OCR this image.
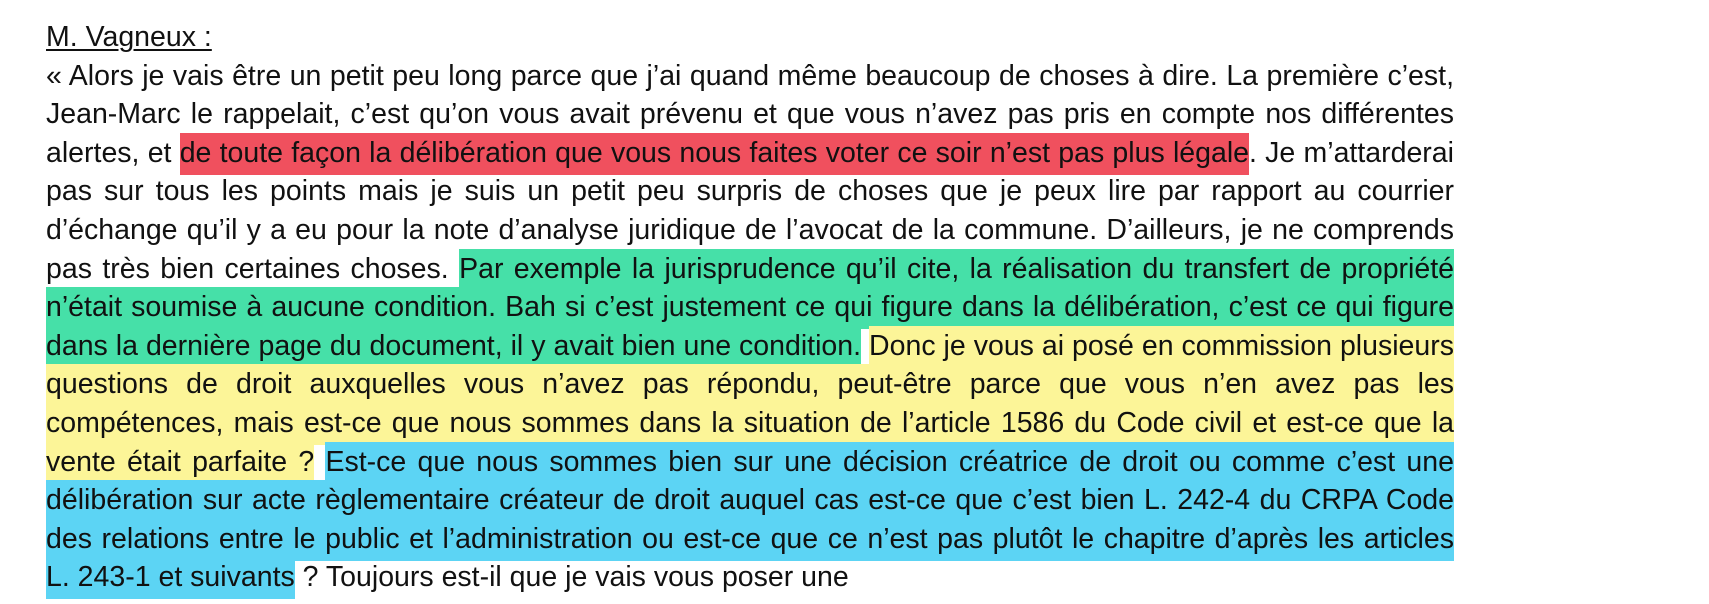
M. Vagneux :

« Alors je vais être un petit peu long parce que j’ai quand même beaucoup de choses à dire. La première c’est, Jean-Marc le rappelait, c’est qu’on vous avait prévenu et que vous n’avez pas pris en compte nos différentes alertes, et de toute façon la délibération que vous nous faites voter ce soir n’est pas plus légale. Je m’attarderai pas sur tous les points mais je suis un petit peu surpris de choses que je peux lire par rapport au courrier d’échange qu’il y a eu pour la note d’analyse juridique de l’avocat de la commune. D’ailleurs, je ne comprends pas très bien certaines choses. Par exemple la jurisprudence qu’il cite, la réalisation du transfert de propriété n’était soumise à aucune condition. Bah si c’est justement ce qui figure dans la délibération, c’est ce qui figure dans la dernière page du document, il y avait bien une condition. Donc je vous ai posé en commission plusieurs questions de droit auxquelles vous n’avez pas répondu, peut-être parce que vous n’en avez pas les compétences, mais est-ce que nous sommes dans la situation de l’article 1586 du Code civil et est-ce que la vente était parfaite ? Est-ce que nous sommes bien sur une décision créatrice de droit ou comme c’est une délibération sur acte règlementaire créateur de droit auquel cas est-ce que c’est bien L. 242-4 du CRPA Code des relations entre le public et l’administration ou est-ce que ce n’est pas plutôt le chapitre d’après les articles L. 243-1 et suivants ? Toujours est-il que je vais vous poser une
